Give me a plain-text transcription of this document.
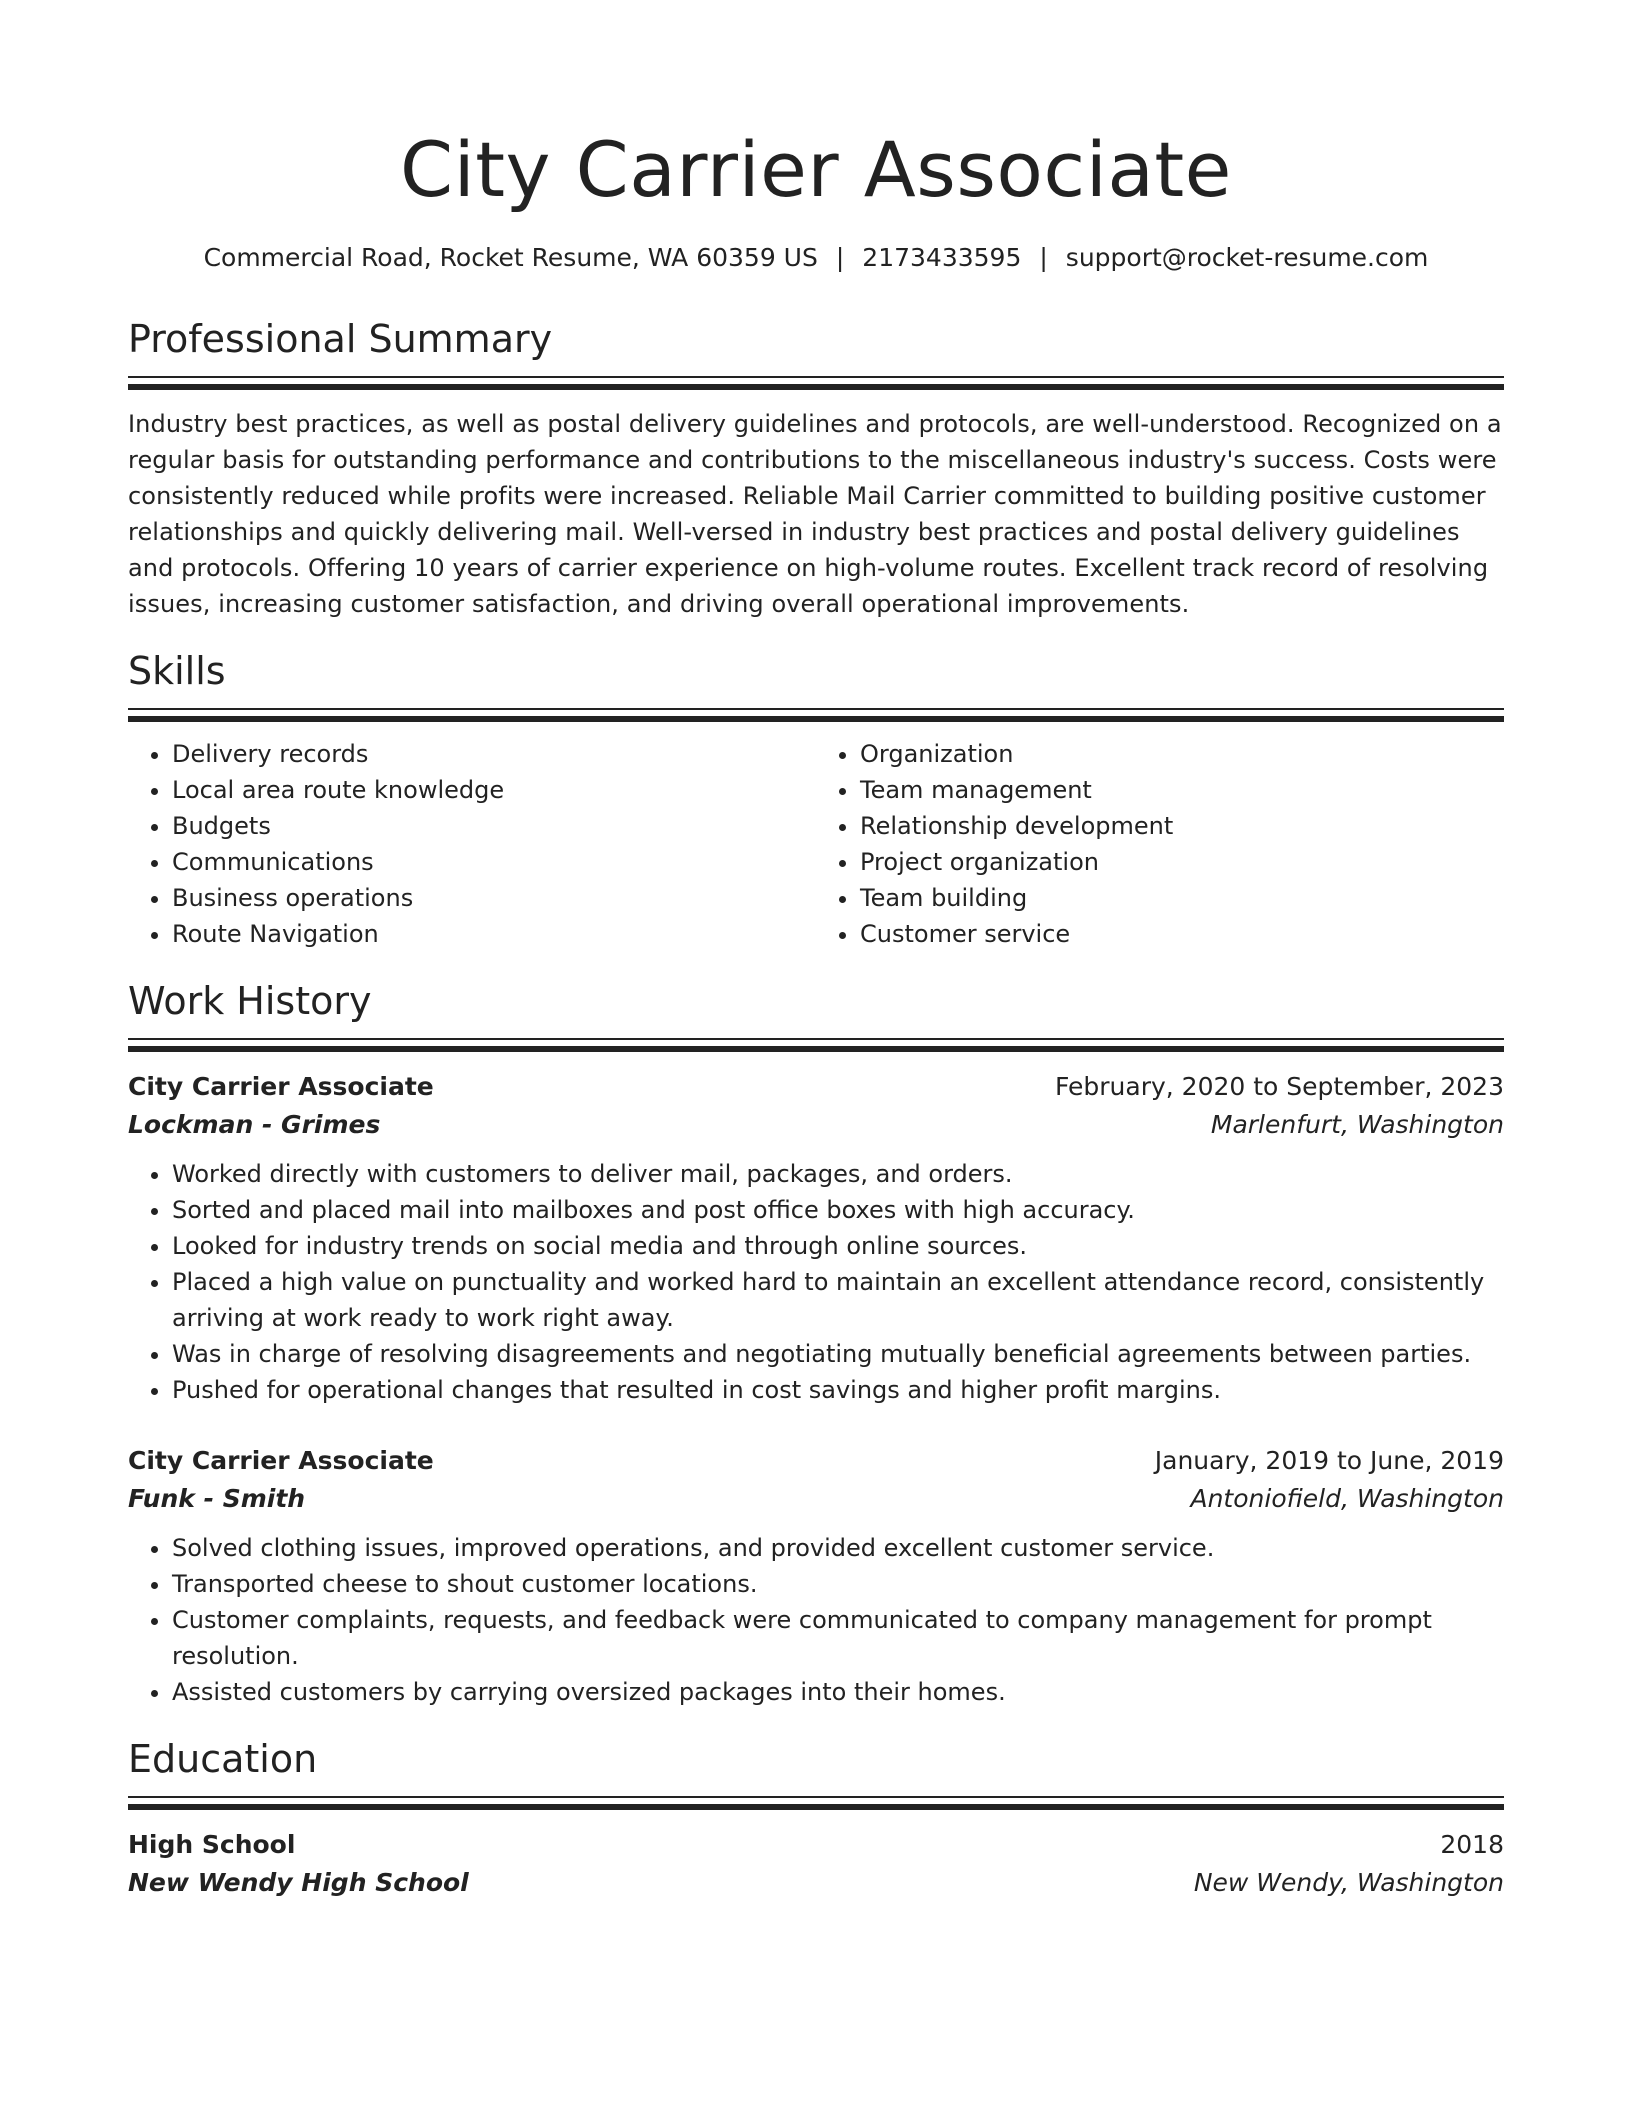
City Carrier Associate
Commercial Road, Rocket Resume, WA 60359 US | 2173433595 | support@rocket-resume.com
Professional Summary

Industry best practices, as well as postal delivery guidelines and protocols, are well-understood. Recognized on a regular basis for outstanding performance and contributions to the miscellaneous industry's success. Costs were consistently reduced while profits were increased. Reliable Mail Carrier committed to building positive customer relationships and quickly delivering mail. Well-versed in industry best practices and postal delivery guidelines and protocols. Offering 10 years of carrier experience on high-volume routes. Excellent track record of resolving issues, increasing customer satisfaction, and driving overall operational improvements.

Skills
• Delivery records
• Local area route knowledge
• Budgets
• Communications
• Business operations
• Route Navigation
• Organization
• Team management
• Relationship development
• Project organization
• Team building
• Customer service
Work History
City Carrier Associate	February, 2020 to September, 2023
Lockman - Grimes	Marlenfurt, Washington
• Worked directly with customers to deliver mail, packages, and orders.
• Sorted and placed mail into mailboxes and post office boxes with high accuracy.
• Looked for industry trends on social media and through online sources.
• Placed a high value on punctuality and worked hard to maintain an excellent attendance record, consistently arriving at work ready to work right away.
• Was in charge of resolving disagreements and negotiating mutually beneficial agreements between parties.
• Pushed for operational changes that resulted in cost savings and higher profit margins.
City Carrier Associate	January, 2019 to June, 2019
Funk - Smith	Antoniofield, Washington
• Solved clothing issues, improved operations, and provided excellent customer service.
• Transported cheese to shout customer locations.
• Customer complaints, requests, and feedback were communicated to company management for prompt resolution.
• Assisted customers by carrying oversized packages into their homes.
Education
High School	2018
New Wendy High School	New Wendy, Washington
